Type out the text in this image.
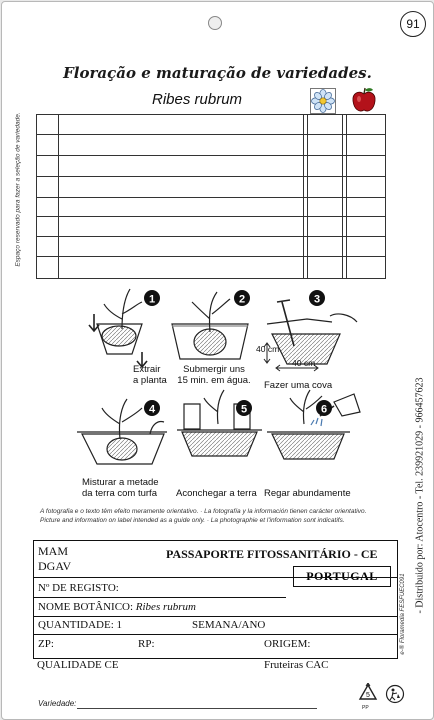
91
Floração e maturação de variedades.
Ribes rubrum
Espaço reservado para fazer a seleção de variedade.
1	2	3
4	5	6
Extrair
a planta
Submergir uns
15 min. em água.	Fazer uma cova
40 cm
40 cm
Misturar a metade
da terra com turfa Aconchegar a terra Regar abundamente
A fotografia e o texto têm efeito meramente orientativo. · La fotografía y la información tienen carácter orientativo.
Picture and information on label intended as a guide only. · La photographie et l'information sont indicatifs.
MAM
DGAV
PASSAPORTE FITOSSANITÁRIO - CE
PORTUGAL
Nº DE REGISTO:
NOME BOTÂNICO: Ribes rubrum
QUANTIDADE: 1	SEMANA/ANO
ZP:	RP:	ORIGEM:
QUALIDADE CE	Fruteiras CAC
- Distribuido por: Atocentro - Tel. 239921029 - 966457623
e-® Floramedia FESFUEC091
Variedade:
5
PP
